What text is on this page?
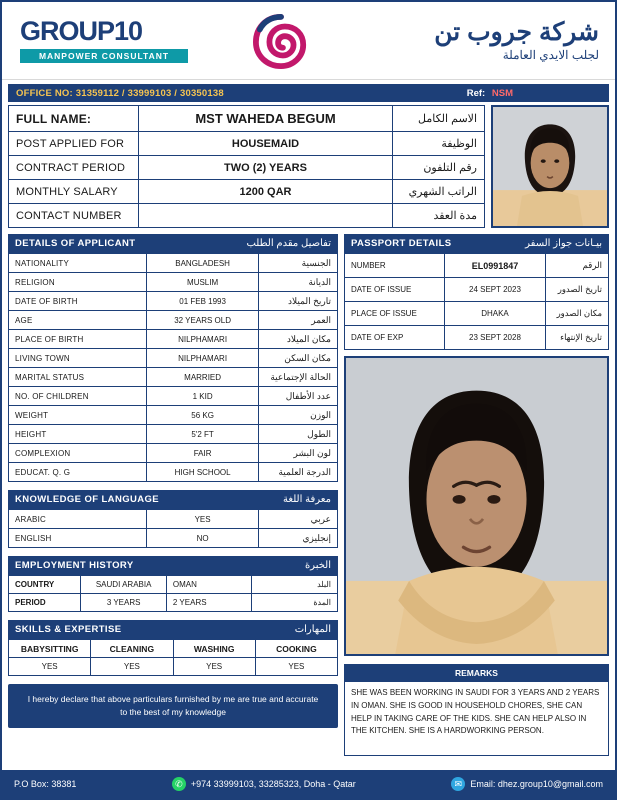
GROUP10
MANPOWER CONSULTANT
شركة جروب تن
لجلب الايدي العاملة
OFFICE NO: 31359112 / 33999103 / 30350138	Ref: NSM
FULL NAME:	MST WAHEDA BEGUM	الاسم الكامل
POST APPLIED FOR	HOUSEMAID	الوظيفة
CONTRACT PERIOD	TWO (2) YEARS	رقم التلفون
MONTHLY SALARY	1200 QAR	الراتب الشهري
CONTACT NUMBER		مدة العقد
DETAILS OF APPLICANT	تفاصيل مقدم الطلب
NATIONALITY	BANGLADESH	الجنسية
RELIGION	MUSLIM	الديانة
DATE OF BIRTH	01 FEB 1993	تاريخ الميلاد
AGE	32 YEARS OLD	العمر
PLACE OF BIRTH	NILPHAMARI	مكان الميلاد
LIVING TOWN	NILPHAMARI	مكان السكن
MARITAL STATUS	MARRIED	الحالة الإجتماعية
NO. OF CHILDREN	1 KID	عدد الأطفال
WEIGHT	56 KG	الوزن
HEIGHT	5'2 FT	الطول
COMPLEXION	FAIR	لون البشر
EDUCAT. Q. G	HIGH SCHOOL	الدرجة العلمية
KNOWLEDGE OF LANGUAGE	معرفة اللغة
ARABIC	YES	عربي
ENGLISH	NO	إنجليزي
EMPLOYMENT HISTORY	الخبرة
COUNTRY	SAUDI ARABIA	OMAN	البلد
PERIOD	3 YEARS	2 YEARS	المدة
SKILLS & EXPERTISE	المهارات
BABYSITTING	CLEANING	WASHING	COOKING
YES	YES	YES	YES
I hereby declare that above particulars furnished by me are true and accurate to the best of my knowledge
PASSPORT DETAILS	بيـانات جواز السفر
NUMBER	EL0991847	الرقم
DATE OF ISSUE	24 SEPT 2023	تاريخ الصدور
PLACE OF ISSUE	DHAKA	مكان الصدور
DATE OF EXP	23 SEPT 2028	تاريخ الإنتهاء
REMARKS
SHE WAS BEEN WORKING IN SAUDI FOR 3 YEARS AND 2 YEARS IN OMAN. SHE IS GOOD IN HOUSEHOLD CHORES, SHE CAN HELP IN TAKING CARE OF THE KIDS. SHE CAN HELP ALSO IN THE KITCHEN. SHE IS A HARDWORKING PERSON.
P.O Box: 38381	✆ +974 33999103, 33285323, Doha - Qatar	✉ Email: dhez.group10@gmail.com
